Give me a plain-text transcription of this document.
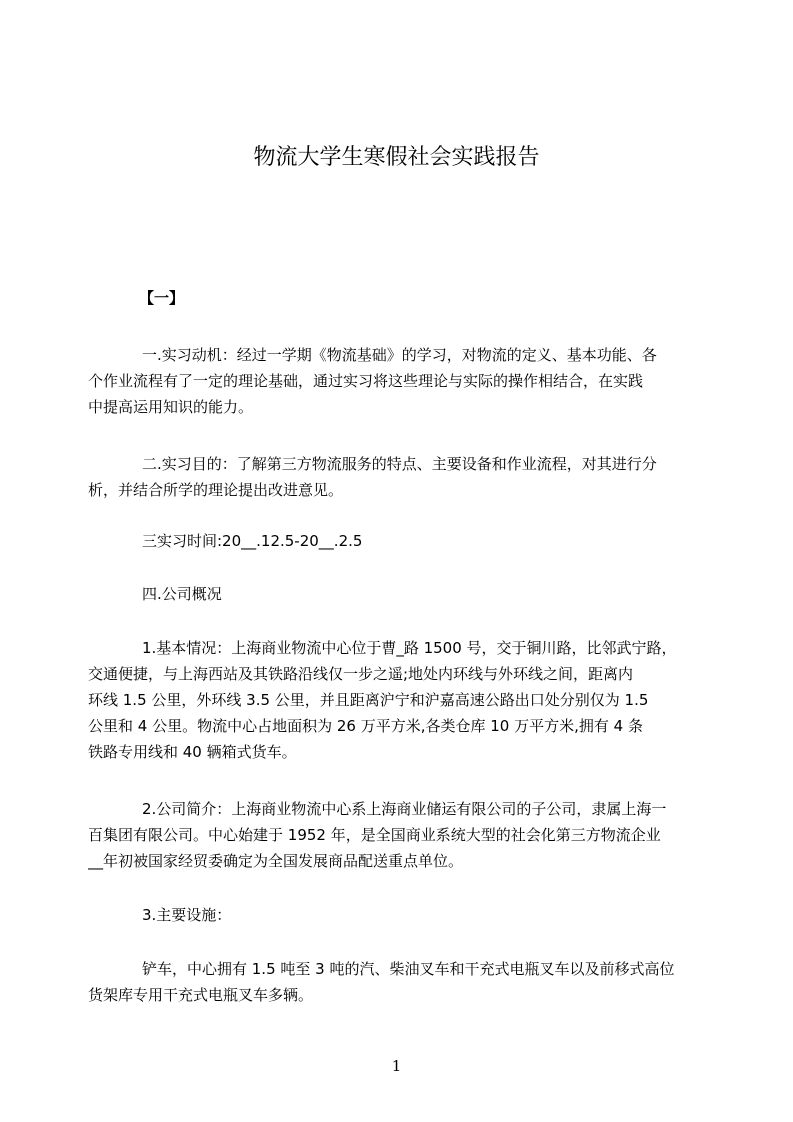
物流大学生寒假社会实践报告
【一】
一.实习动机：经过一学期《物流基础》的学习，对物流的定义、基本功能、各
个作业流程有了一定的理论基础，通过实习将这些理论与实际的操作相结合，在实践
中提高运用知识的能力。
二.实习目的：了解第三方物流服务的特点、主要设备和作业流程，对其进行分
析，并结合所学的理论提出改进意见。
三实习时间:20__.12.5-20__.2.5
四.公司概况
1.基本情况：上海商业物流中心位于曹_路 1500 号，交于铜川路，比邻武宁路，
交通便捷，与上海西站及其铁路沿线仅一步之遥;地处内环线与外环线之间，距离内
环线 1.5 公里，外环线 3.5 公里，并且距离沪宁和沪嘉高速公路出口处分别仅为 1.5
公里和 4 公里。物流中心占地面积为 26 万平方米,各类仓库 10 万平方米,拥有 4 条
铁路专用线和 40 辆箱式货车。
2.公司简介：上海商业物流中心系上海商业储运有限公司的子公司，隶属上海一
百集团有限公司。中心始建于 1952 年，是全国商业系统大型的社会化第三方物流企业
__年初被国家经贸委确定为全国发展商品配送重点单位。
3.主要设施：
铲车，中心拥有 1.5 吨至 3 吨的汽、柴油叉车和干充式电瓶叉车以及前移式高位
货架库专用干充式电瓶叉车多辆。
1
